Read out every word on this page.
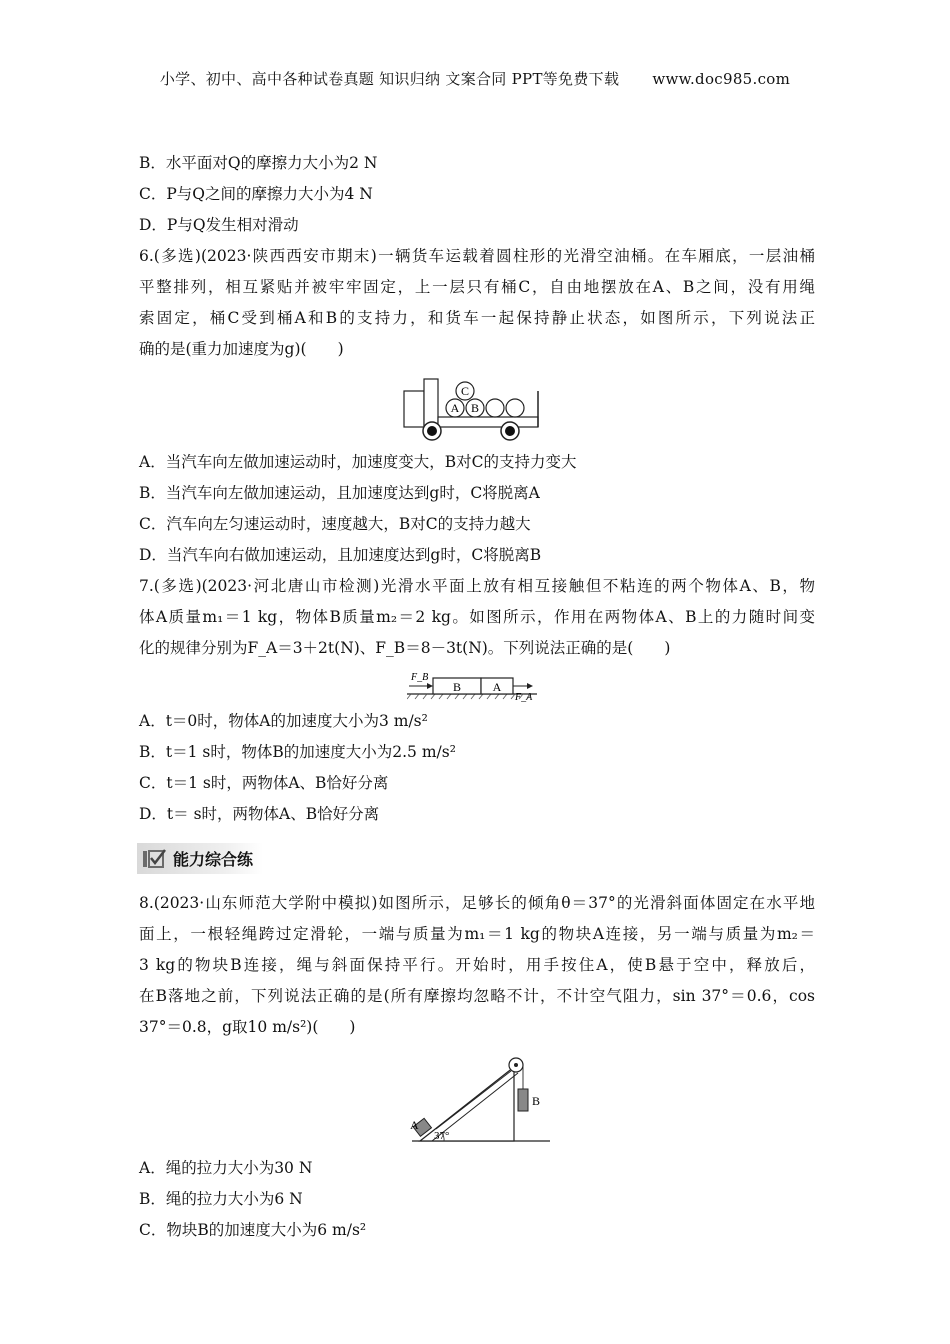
小学、初中、高中各种试卷真题 知识归纳 文案合同 PPT等免费下载 www.doc985.com
B．水平面对Q的摩擦力大小为2 N
C．P与Q之间的摩擦力大小为4 N
D．P与Q发生相对滑动
6.(多选)(2023·陕西西安市期末)一辆货车运载着圆柱形的光滑空油桶。在车厢底，一层油桶
平整排列，相互紧贴并被牢牢固定，上一层只有桶C，自由地摆放在A、B之间，没有用绳
索固定，桶C受到桶A和B的支持力，和货车一起保持静止状态，如图所示，下列说法正
确的是(重力加速度为g)(　　)
C
A B
A．当汽车向左做加速运动时，加速度变大，B对C的支持力变大
B．当汽车向左做加速运动，且加速度达到g时，C将脱离A
C．汽车向左匀速运动时，速度越大，B对C的支持力越大
D．当汽车向右做加速运动，且加速度达到g时，C将脱离B
7.(多选)(2023·河北唐山市检测)光滑水平面上放有相互接触但不粘连的两个物体A、B，物
体A质量m₁＝1 kg，物体B质量m₂＝2 kg。如图所示，作用在两物体A、B上的力随时间变
化的规律分别为F_A＝3＋2t(N)、F_B＝8－3t(N)。下列说法正确的是(　　)
B	A
F_B
F_A
A．t＝0时，物体A的加速度大小为3 m/s²
B．t＝1 s时，物体B的加速度大小为2.5 m/s²
C．t＝1 s时，两物体A、B恰好分离
D．t＝ s时，两物体A、B恰好分离
能力综合练
8.(2023·山东师范大学附中模拟)如图所示，足够长的倾角θ＝37°的光滑斜面体固定在水平地
面上，一根轻绳跨过定滑轮，一端与质量为m₁＝1 kg的物块A连接，另一端与质量为m₂＝
3 kg的物块B连接，绳与斜面保持平行。开始时，用手按住A，使B悬于空中，释放后，
在B落地之前，下列说法正确的是(所有摩擦均忽略不计，不计空气阻力，sin 37°＝0.6，cos
37°＝0.8，g取10 m/s²)(　　)
A
B
37°
A．绳的拉力大小为30 N
B．绳的拉力大小为6 N
C．物块B的加速度大小为6 m/s²
